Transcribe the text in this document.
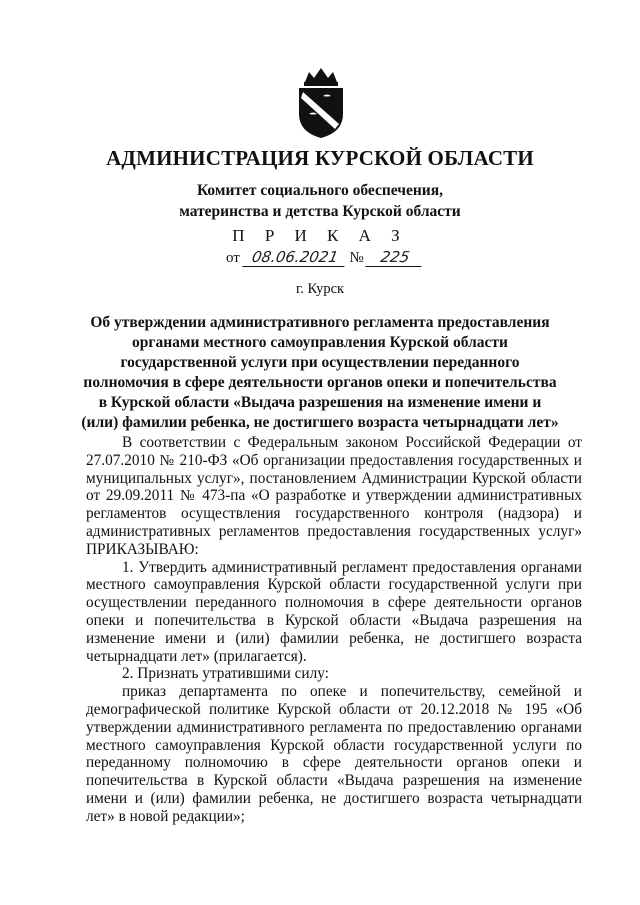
АДМИНИСТРАЦИЯ КУРСКОЙ ОБЛАСТИ
Комитет социального обеспечения,
материнства и детства Курской области
П Р И К А З
от 08.06.2021 № 225
г. Курск
Об утверждении административного регламента предоставления органами местного самоуправления Курской области государственной услуги при осуществлении переданного полномочия в сфере деятельности органов опеки и попечительства в Курской области «Выдача разрешения на изменение имени и (или) фамилии ребенка, не достигшего возраста четырнадцати лет»

В соответствии с Федеральным законом Российской Федерации от 27.07.2010 № 210-ФЗ «Об организации предоставления государственных и муниципальных услуг», постановлением Администрации Курской области от 29.09.2011 № 473-па «О разработке и утверждении административных регламентов осуществления государственного контроля (надзора) и административных регламентов предоставления государственных услуг» ПРИКАЗЫВАЮ:

1. Утвердить административный регламент предоставления органами местного самоуправления Курской области государственной услуги при осуществлении переданного полномочия в сфере деятельности органов опеки и попечительства в Курской области «Выдача разрешения на изменение имени и (или) фамилии ребенка, не достигшего возраста четырнадцати лет» (прилагается).

2. Признать утратившими силу:

приказ департамента по опеке и попечительству, семейной и демографической политике Курской области от 20.12.2018 № 195 «Об утверждении административного регламента по предоставлению органами местного самоуправления Курской области государственной услуги по переданному полномочию в сфере деятельности органов опеки и попечительства в Курской области «Выдача разрешения на изменение имени и (или) фамилии ребенка, не достигшего возраста четырнадцати лет» в новой редакции»;
